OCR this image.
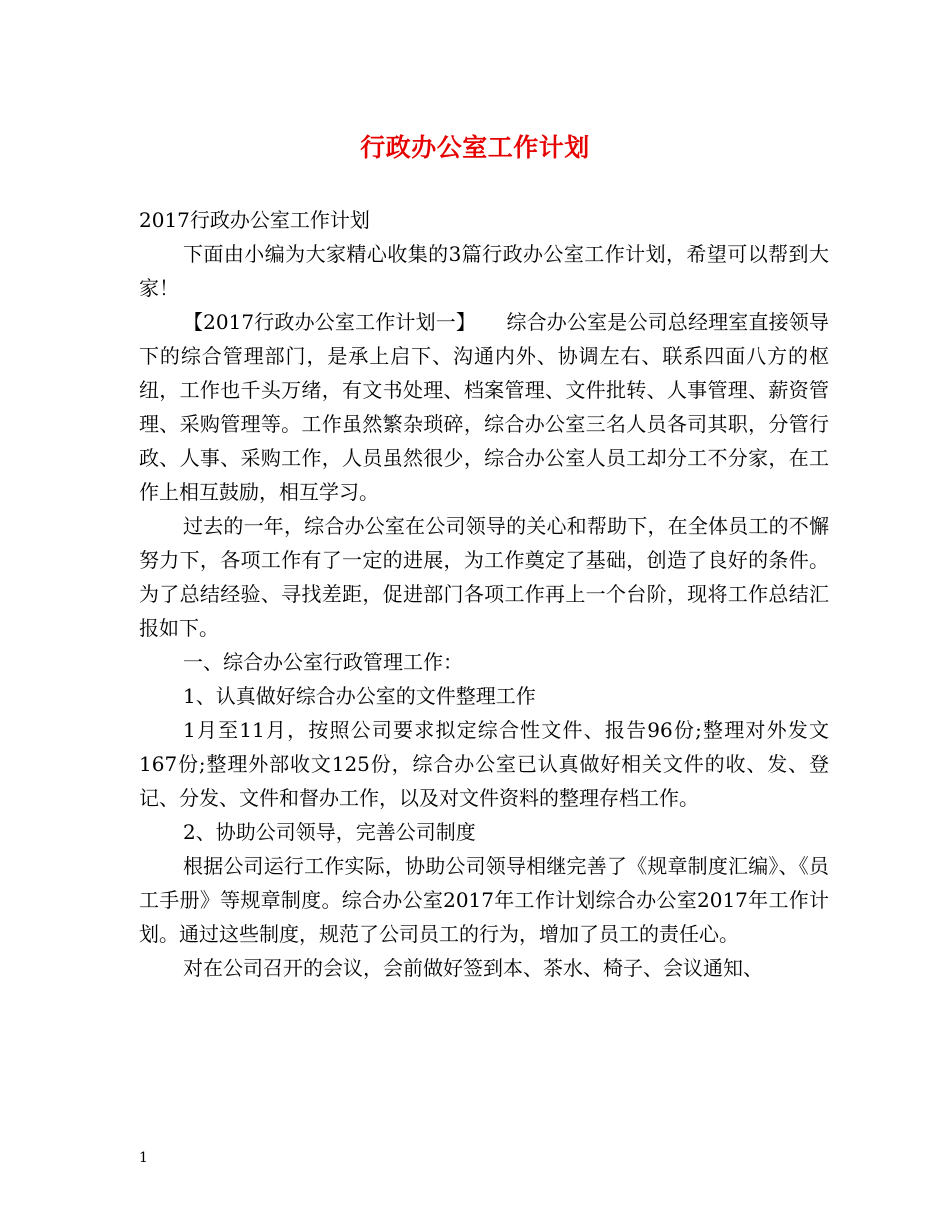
行政办公室工作计划

2017行政办公室工作计划

下面由小编为大家精心收集的3篇行政办公室工作计划，希望可以帮到大家！

【2017行政办公室工作计划一】　　综合办公室是公司总经理室直接领导下的综合管理部门，是承上启下、沟通内外、协调左右、联系四面八方的枢纽，工作也千头万绪，有文书处理、档案管理、文件批转、人事管理、薪资管理、采购管理等。工作虽然繁杂琐碎，综合办公室三名人员各司其职，分管行政、人事、采购工作，人员虽然很少，综合办公室人员工却分工不分家，在工作上相互鼓励，相互学习。

过去的一年，综合办公室在公司领导的关心和帮助下，在全体员工的不懈努力下，各项工作有了一定的进展，为工作奠定了基础，创造了良好的条件。为了总结经验、寻找差距，促进部门各项工作再上一个台阶，现将工作总结汇报如下。

一、综合办公室行政管理工作：

1、认真做好综合办公室的文件整理工作

1月至11月，按照公司要求拟定综合性文件、报告96份;整理对外发文167份;整理外部收文125份，综合办公室已认真做好相关文件的收、发、登记、分发、文件和督办工作，以及对文件资料的整理存档工作。

2、协助公司领导，完善公司制度

根据公司运行工作实际，协助公司领导相继完善了《规章制度汇编》、《员工手册》等规章制度。综合办公室2017年工作计划综合办公室2017年工作计划。通过这些制度，规范了公司员工的行为，增加了员工的责任心。

对在公司召开的会议，会前做好签到本、茶水、椅子、会议通知、

1
